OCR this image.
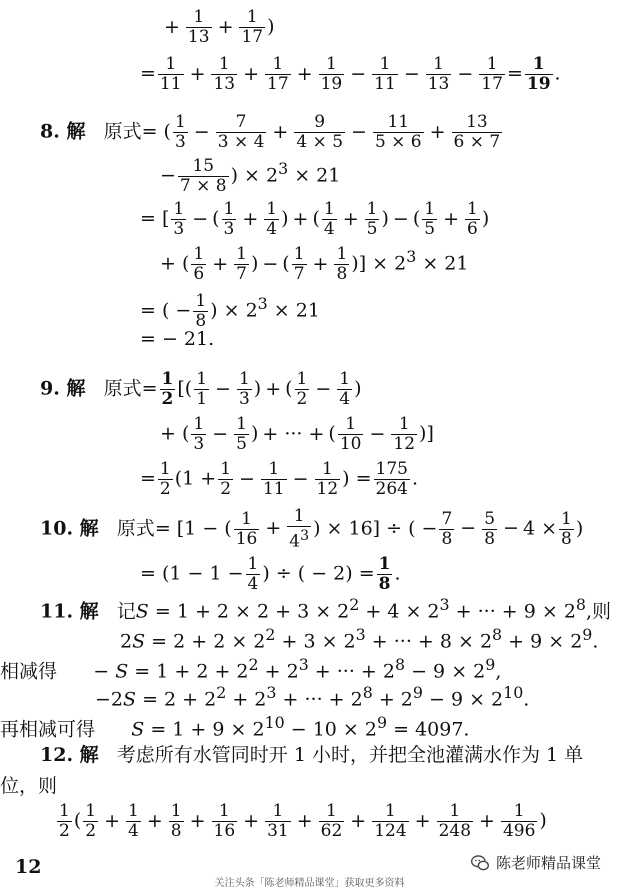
+ $\frac{1}{13} + \frac{1}{17}$ )
= $\frac{1}{11} + \frac{1}{13} + \frac{1}{17} + \frac{1}{19} - \frac{1}{11} - \frac{1}{13} - \frac{1}{17} = \frac{1}{19}$ .
8. 解 原式= ( $\frac{1}{3} - \frac{7}{3 \times 4} + \frac{9}{4 \times 5} - \frac{11}{5 \times 6} + \frac{13}{6 \times 7}$
− $\frac{15}{7 \times 8}$ ) × $2^3 \times 21$
= [ $\frac{1}{3}$ − ( $\frac{1}{3} + \frac{1}{4}$ ) + ( $\frac{1}{4} + \frac{1}{5}$ ) − ( $\frac{1}{5} + \frac{1}{6}$ )
+ ( $\frac{1}{6} + \frac{1}{7}$ ) − ( $\frac{1}{7} + \frac{1}{8}$ )] × $2^3 \times 21$
= ( − $\frac{1}{8}$ ) × $2^3 \times 21$
= − 21.
9. 解 原式= $\frac{1}{2}$ [( $\frac{1}{1} - \frac{1}{3}$ ) + ( $\frac{1}{2} - \frac{1}{4}$ )
+ ( $\frac{1}{3} - \frac{1}{5}$ ) + ··· + ( $\frac{1}{10} - \frac{1}{12}$ )]
= $\frac{1}{2} (1 + \frac{1}{2} - \frac{1}{11} - \frac{1}{12}$ ) = $\frac{175}{264}$ .
10. 解 原式= [1 − ( $\frac{1}{16} + \frac{1}{4^3}$ ) × 16] ÷ ( − $\frac{7}{8} - \frac{5}{8} - 4 \times \frac{1}{8}$ )
= ($1 - 1 - \frac{1}{4}$ ) ÷ ( − $2) = \frac{1}{8}$ .
11. 解   记$S = 1 + 2 \times 2 + 3 \times 2^2 + 4 \times 2^3$ + ··· + $9 \times 2^8$,则
$2S = 2 + 2 \times 2^2 + 3 \times 2^3$ + ··· + $8 \times 2^8 + 9 \times 2^9$.
相减得      − $S = 1 + 2 + 2^2 + 2^3$ + ··· + $2^8 - 9 \times 2^9$,
$-2S = 2 + 2^2 + 2^3$ + ··· + $2^8 + 2^9 - 9 \times 2^{10}$.
再相减可得 $S = 1 + 9 \times 2^{10} - 10 \times 2^9 = 4097$.
12. 解 考虑所有水管同时开 1 小时，并把全池灌满水作为 1 单
位，则
$\frac{1}{2}$ ( $\frac{1}{2} + \frac{1}{4} + \frac{1}{8} + \frac{1}{16} + \frac{1}{31} + \frac{1}{62} + \frac{1}{124} + \frac{1}{248} + \frac{1}{496}$ )
12	陈老师精品课堂
关注头条「陈老师精品课堂」获取更多资料
